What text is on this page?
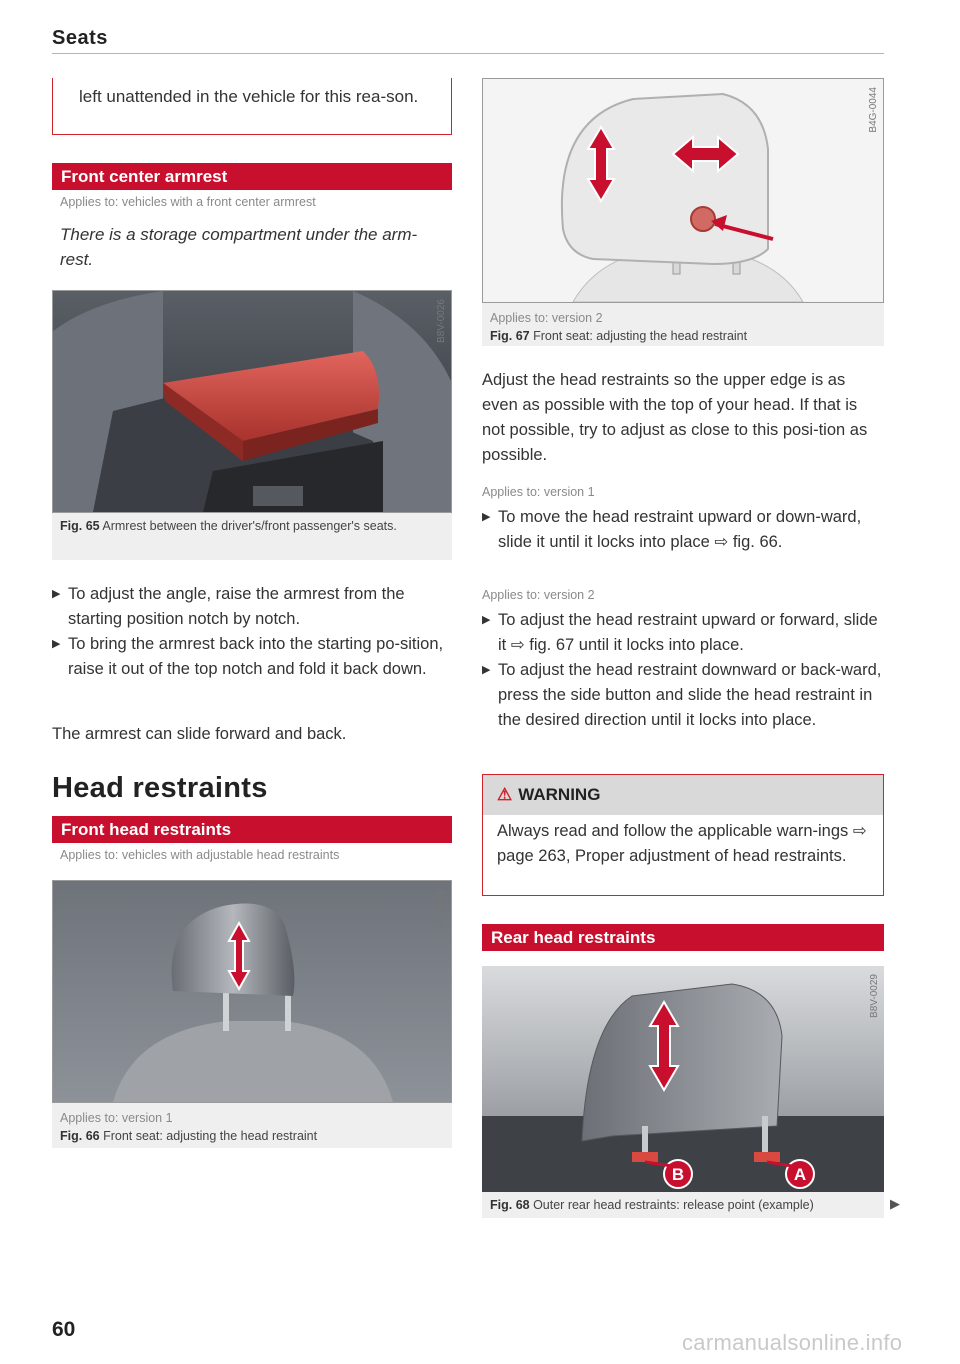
Seats
left unattended in the vehicle for this rea-son.
Front center armrest
Applies to: vehicles with a front center armrest
There is a storage compartment under the arm-rest.
B8V-0026
Fig. 65 Armrest between the driver's/front passenger's seats.
▶ To adjust the angle, raise the armrest from the starting position notch by notch.
▶ To bring the armrest back into the starting po-sition, raise it out of the top notch and fold it back down.
The armrest can slide forward and back.
Head restraints
Front head restraints
Applies to: vehicles with adjustable head restraints
B8V-0028
Applies to: version 1
Fig. 66 Front seat: adjusting the head restraint
60
B4G-0044
Applies to: version 2
Fig. 67 Front seat: adjusting the head restraint
Adjust the head restraints so the upper edge is as even as possible with the top of your head. If that is not possible, try to adjust as close to this posi-tion as possible.
Applies to: version 1
▶ To move the head restraint upward or down-ward, slide it until it locks into place ⇨ fig. 66.
Applies to: version 2
▶ To adjust the head restraint upward or forward, slide it ⇨ fig. 67 until it locks into place.
▶ To adjust the head restraint downward or back-ward, press the side button and slide the head restraint in the desired direction until it locks into place.
⚠ WARNING
Always read and follow the applicable warn-ings ⇨ page 263, Proper adjustment of head restraints.
Rear head restraints
B	A
B8V-0029
Fig. 68 Outer rear head restraints: release point (example)	▶
carmanualsonline.info
